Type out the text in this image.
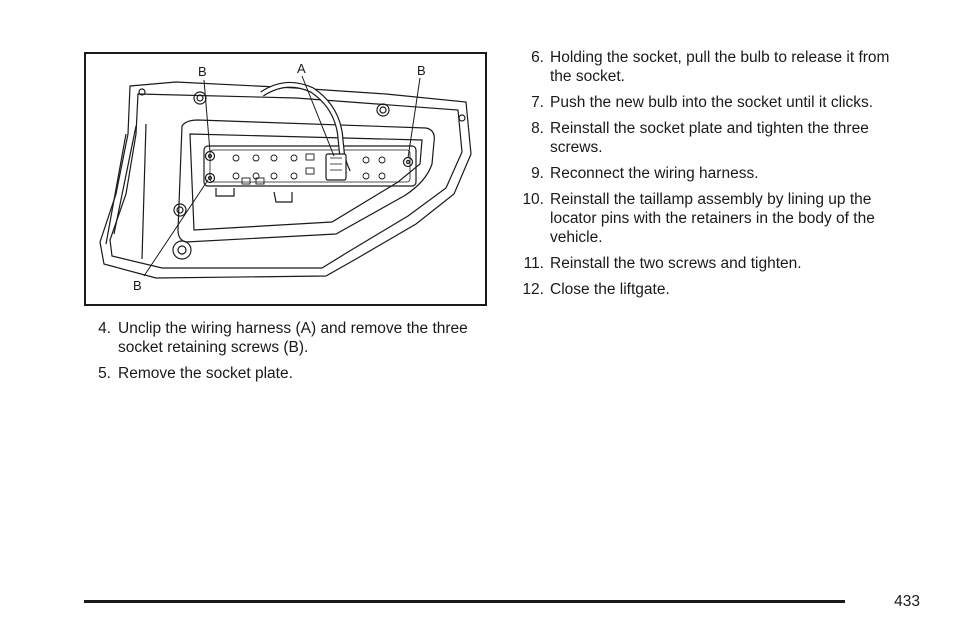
B	A	B
B
4. Unclip the wiring harness (A) and remove the three socket retaining screws (B).
5. Remove the socket plate.
6. Holding the socket, pull the bulb to release it from the socket.
7. Push the new bulb into the socket until it clicks.
8. Reinstall the socket plate and tighten the three screws.
9. Reconnect the wiring harness.
10. Reinstall the taillamp assembly by lining up the locator pins with the retainers in the body of the vehicle.
11. Reinstall the two screws and tighten.
12. Close the liftgate.
433
